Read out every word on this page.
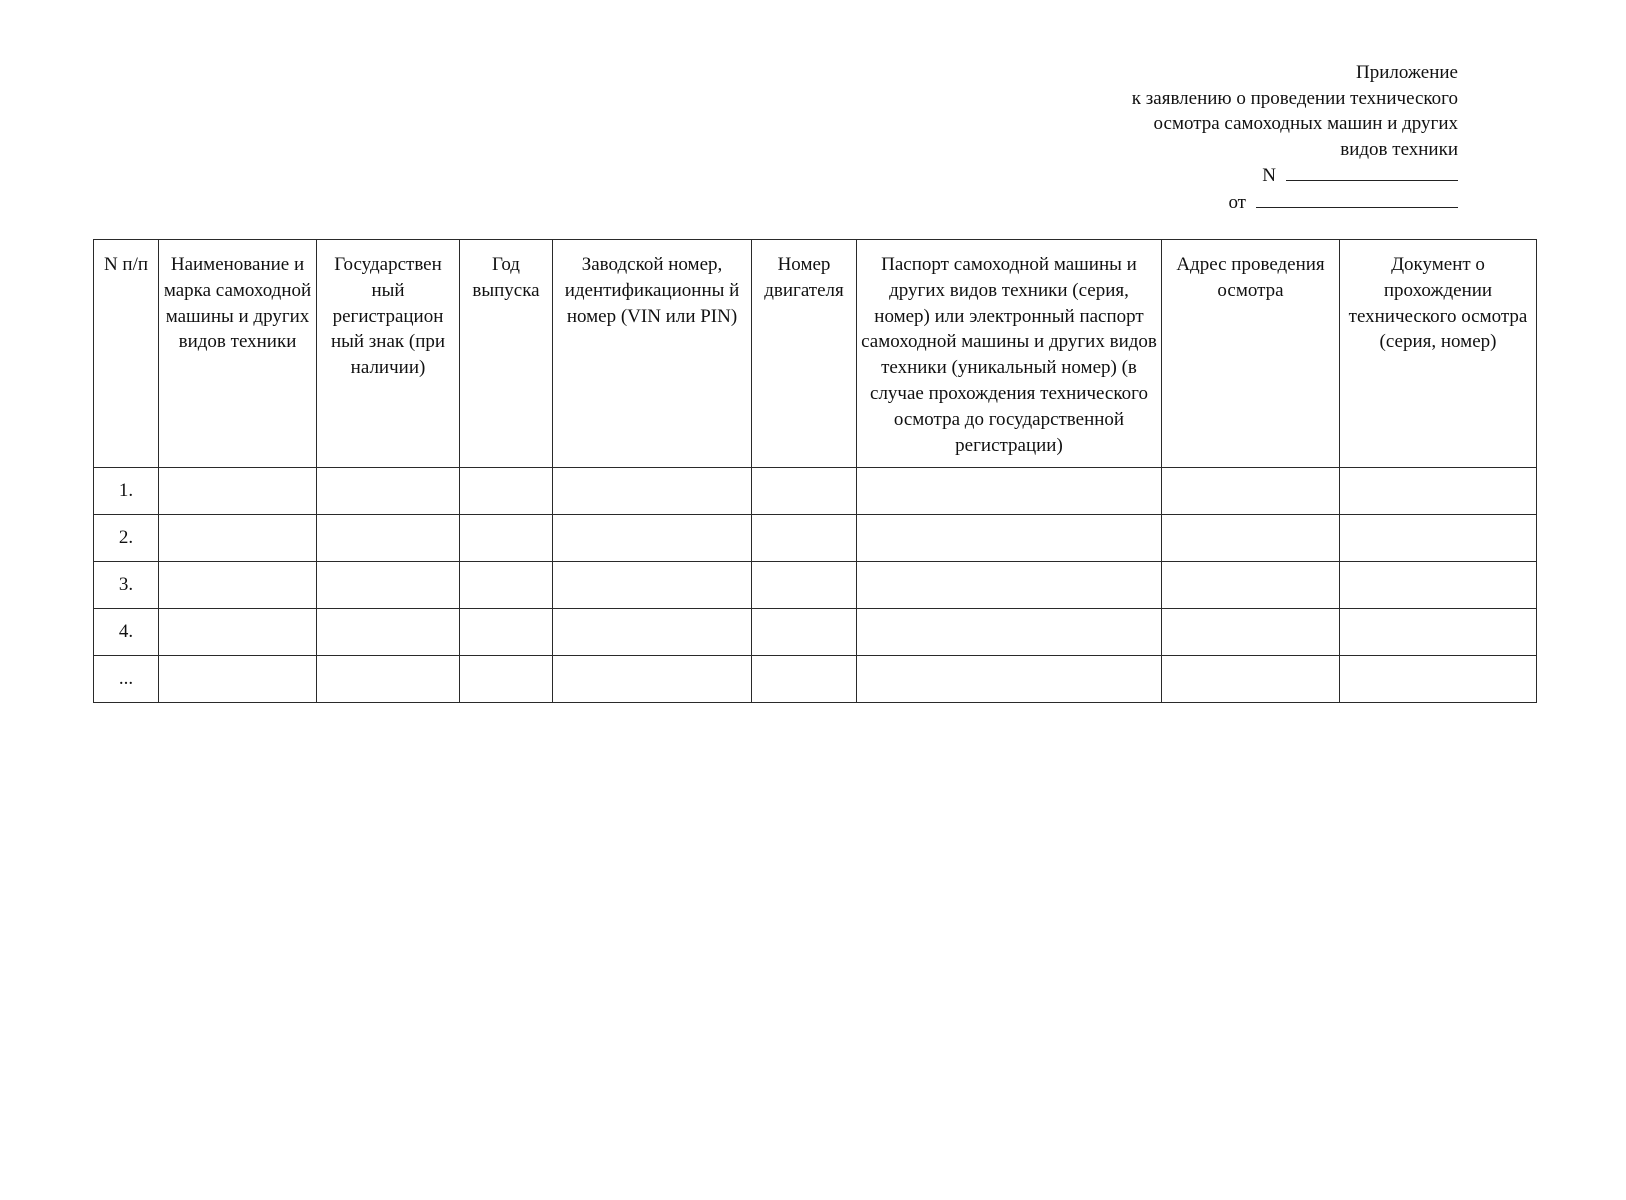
Приложение
к заявлению о проведении технического
осмотра самоходных машин и других
видов техники
N
от
N п/п	Наименование и марка самоходной машины и других видов техники	Государствен ный регистрацион ный знак (при наличии)	Год выпуска	Заводской номер, идентификационны й номер (VIN или PIN)	Номер двигателя	Паспорт самоходной машины и других видов техники (серия, номер) или электронный паспорт самоходной машины и других видов техники (уникальный номер) (в случае прохождения технического осмотра до государственной регистрации)	Адрес проведения осмотра	Документ о прохождении технического осмотра (серия, номер)
1.								
2.								
3.								
4.								
...								
